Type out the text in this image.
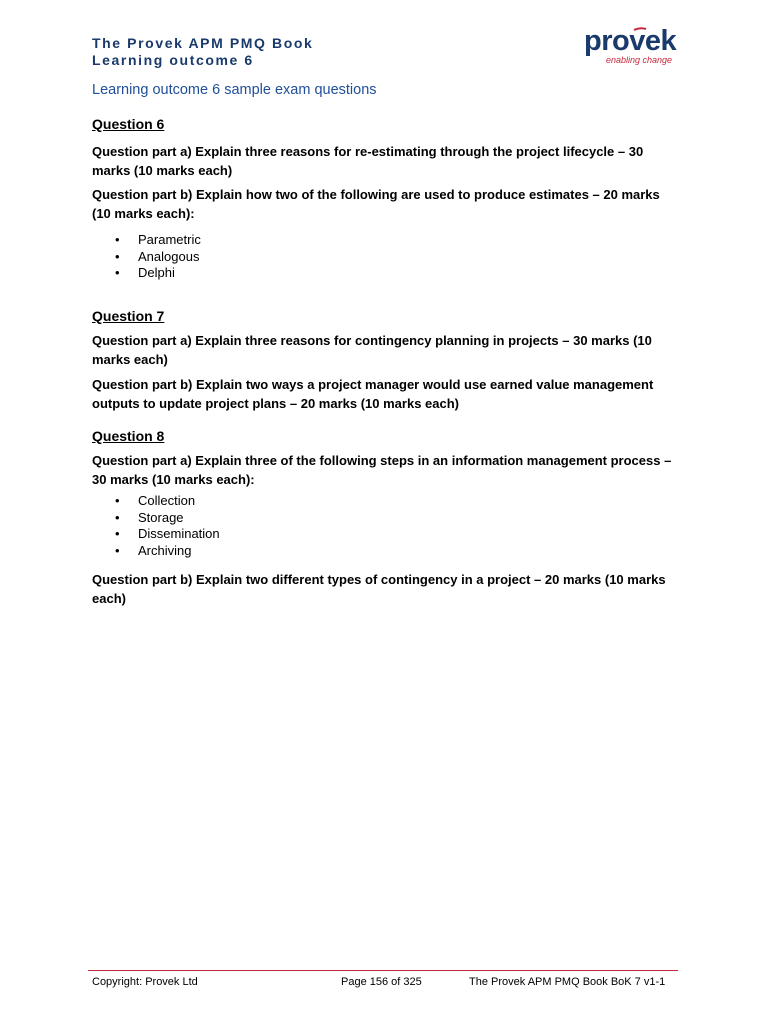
The Provek APM PMQ Book
Learning outcome 6
provek
enabling change
Learning outcome 6 sample exam questions
Question 6

Question part a) Explain three reasons for re-estimating through the project lifecycle – 30 marks (10 marks each)

Question part b) Explain how two of the following are used to produce estimates – 20 marks (10 marks each):

• Parametric
• Analogous
• Delphi
Question 7

Question part a) Explain three reasons for contingency planning in projects – 30 marks (10 marks each)

Question part b) Explain two ways a project manager would use earned value management outputs to update project plans – 20 marks (10 marks each)

Question 8

Question part a) Explain three of the following steps in an information management process – 30 marks (10 marks each):

• Collection
• Storage
• Dissemination
• Archiving

Question part b) Explain two different types of contingency in a project – 20 marks (10 marks each)

Copyright: Provek Ltd	Page 156 of 325	The Provek APM PMQ Book BoK 7 v1-1
